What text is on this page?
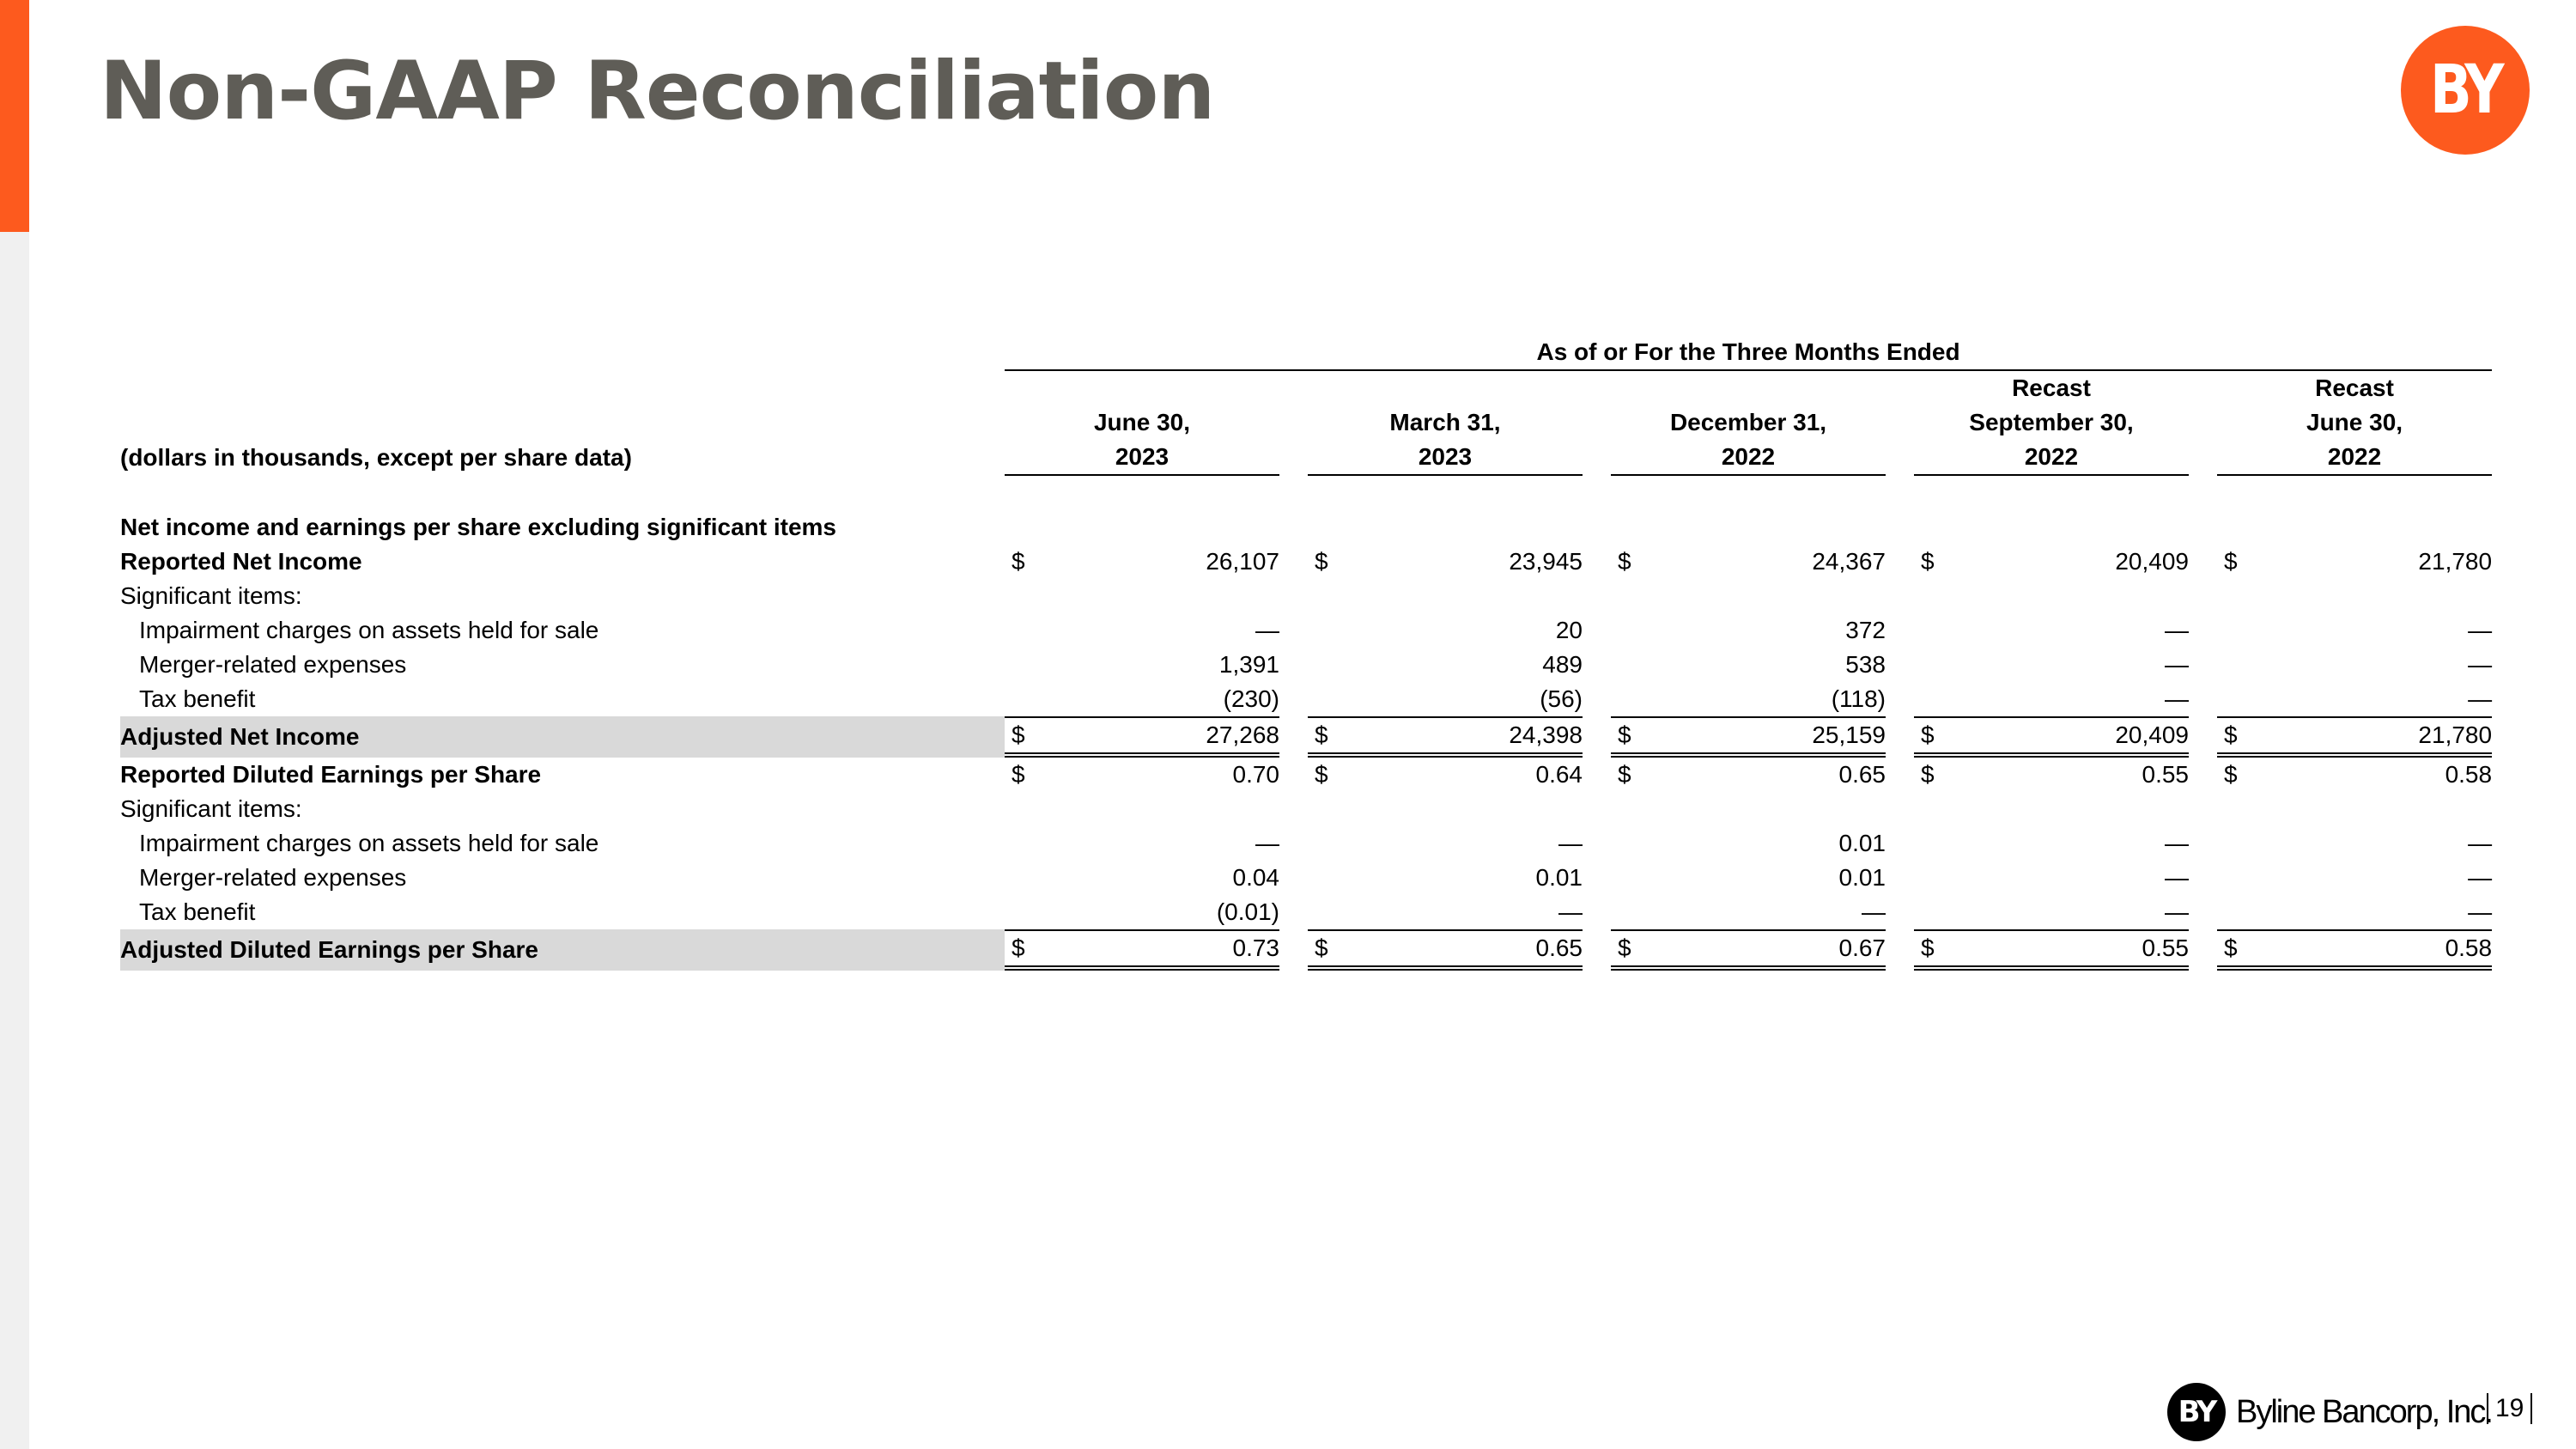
Non-GAAP Reconciliation	BY

	As of or For the Three Months Ended													

										Recast			Recast	
	June 30,			March 31,			December 31,			September 30,			June 30,	
(dollars in thousands, except per share data)	2023			2023			2022			2022			2022	

Net income and earnings per share excluding significant items														
Reported Net Income	$	26,107		$	23,945		$	24,367		$	20,409		$	21,780
Significant items:														
Impairment charges on assets held for sale		—			20			372			—			—
Merger-related expenses		1,391			489			538			—			—
Tax benefit		(230)			(56)			(118)			—			—
Adjusted Net Income	$	27,268		$	24,398		$	25,159		$	20,409		$	21,780
Reported Diluted Earnings per Share	$	0.70		$	0.64		$	0.65		$	0.55		$	0.58
Significant items:														
Impairment charges on assets held for sale		—			—			0.01			—			—
Merger-related expenses		0.04			0.01			0.01			—			—
Tax benefit		(0.01)			—			—			—			—
Adjusted Diluted Earnings per Share	$	0.73		$	0.65		$	0.67		$	0.55		$	0.58
BY Byline Bancorp, Inc. 19
